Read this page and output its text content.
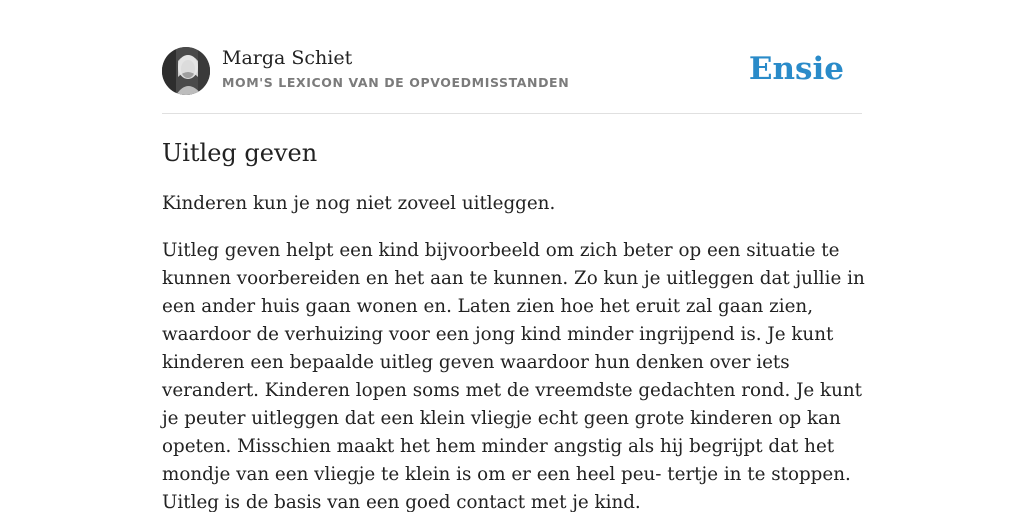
Marga Schiet
MOM'S LEXICON VAN DE OPVOEDMISSTANDEN	Ensie
Uitleg geven

Kinderen kun je nog niet zoveel uitleggen.

Uitleg geven helpt een kind bijvoorbeeld om zich beter op een situatie te kunnen voorbereiden en het aan te kunnen. Zo kun je uitleggen dat jullie in een ander huis gaan wonen en. Laten zien hoe het eruit zal gaan zien, waardoor de verhuizing voor een jong kind minder ingrijpend is. Je kunt kinderen een bepaalde uitleg geven waardoor hun denken over iets verandert. Kinderen lopen soms met de vreemdste gedachten rond. Je kunt je peuter uitleggen dat een klein vliegje echt geen grote kinderen op kan opeten. Misschien maakt het hem minder angstig als hij begrijpt dat het mondje van een vliegje te klein is om er een heel peu- tertje in te stoppen. Uitleg is de basis van een goed contact met je kind.
